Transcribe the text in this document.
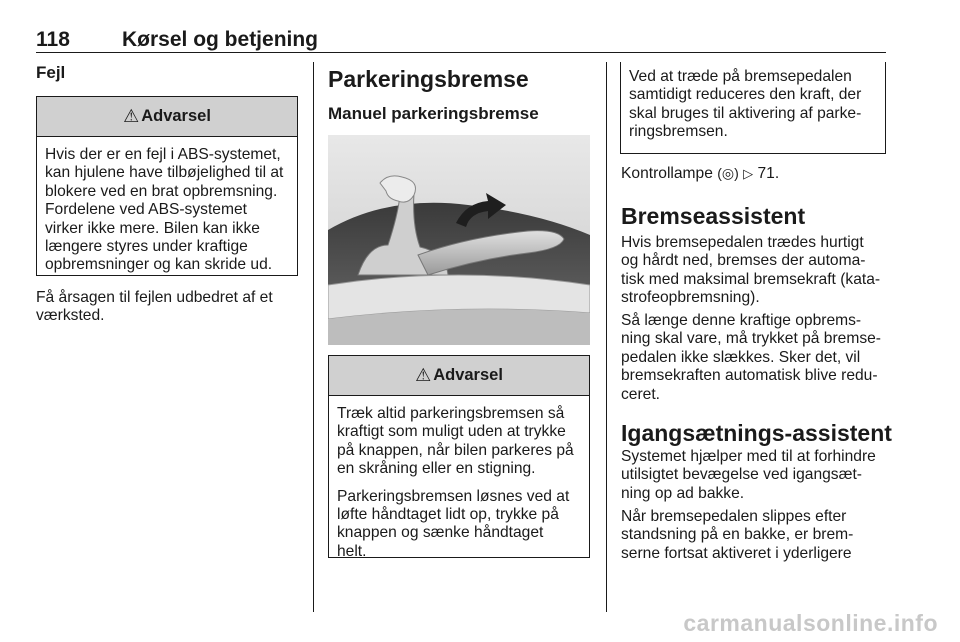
118 Kørsel og betjening
Fejl
⚠ Advarsel

Hvis der er en fejl i ABS-systemet,
kan hjulene have tilbøjelighed til at
blokere ved en brat opbremsning.
Fordelene ved ABS-systemet
virker ikke mere. Bilen kan ikke
længere styres under kraftige
opbremsninger og kan skride ud.

Få årsagen til fejlen udbedret af et
værksted.

Parkeringsbremse
Manuel parkeringsbremse
⚠ Advarsel

Træk altid parkeringsbremsen så
kraftigt som muligt uden at trykke
på knappen, når bilen parkeres på
en skråning eller en stigning.

Parkeringsbremsen løsnes ved at
løfte håndtaget lidt op, trykke på
knappen og sænke håndtaget
helt.

Ved at træde på bremsepedalen
samtidigt reduceres den kraft, der
skal bruges til aktivering af parke-
ringsbremsen.

Kontrollampe (◎) ▷ 71.

Bremseassistent

Hvis bremsepedalen trædes hurtigt
og hårdt ned, bremses der automa-
tisk med maksimal bremsekraft (kata-
strofeopbremsning).

Så længe denne kraftige opbrems-
ning skal vare, må trykket på bremse-
pedalen ikke slækkes. Sker det, vil
bremsekraften automatisk blive redu-
ceret.

Igangsætnings-assistent

Systemet hjælper med til at forhindre
utilsigtet bevægelse ved igangsæt-
ning op ad bakke.

Når bremsepedalen slippes efter
standsning på en bakke, er brem-
serne fortsat aktiveret i yderligere

carmanualsonline.info
